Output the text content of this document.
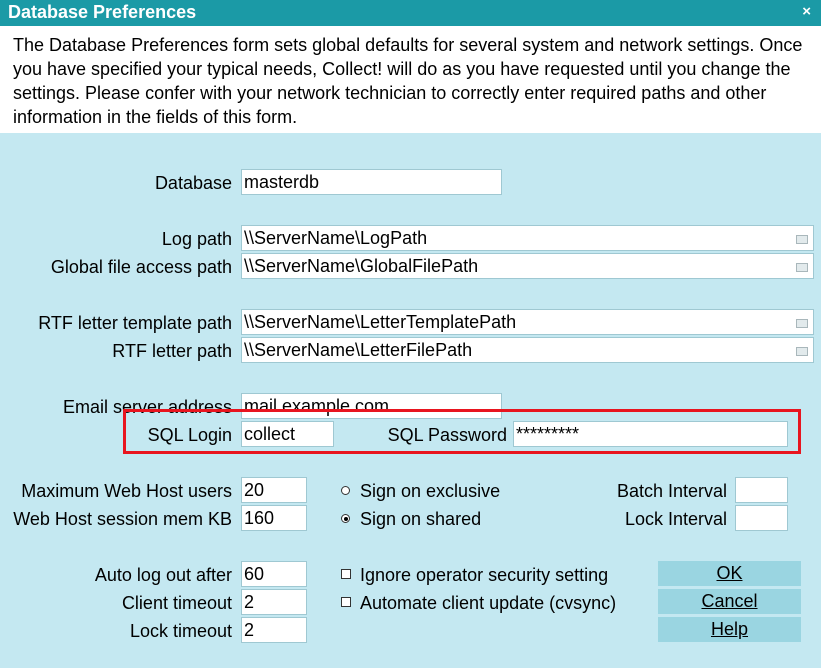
Database Preferences	×
The Database Preferences form sets global defaults for several system and network settings. Once you have specified your typical needs, Collect! will do as you have requested until you change the settings. Please confer with your network technician to correctly enter required paths and other information in the fields of this form.
Database masterdb
Log path \\ServerName\LogPath
Global file access path \\ServerName\GlobalFilePath
RTF letter template path \\ServerName\LetterTemplatePath
RTF letter path \\ServerName\LetterFilePath
Email server address mail.example.com
SQL Login collect	SQL Password *********
Maximum Web Host users 20
Web Host session mem KB 160
Sign on exclusive
Sign on shared
Batch Interval
Lock Interval
Auto log out after 60
Client timeout 2
Lock timeout 2
Ignore operator security setting
Automate client update (cvsync)
OK
Cancel
Help
